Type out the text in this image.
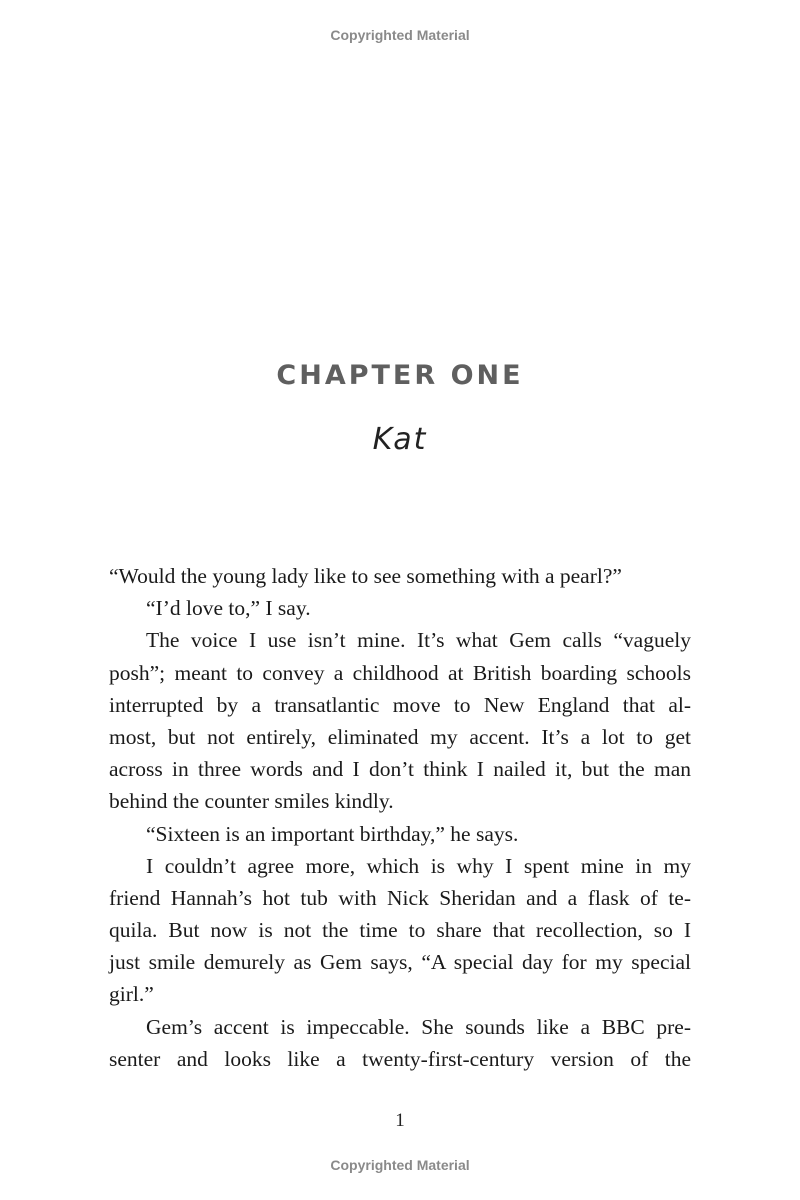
Copyrighted Material
CHAPTER ONE
Kat
“Would the young lady like to see something with a pearl?”
“I’d love to,” I say.
The voice I use isn’t mine. It’s what Gem calls “vaguely
posh”; meant to convey a childhood at British boarding schools
interrupted by a transatlantic move to New England that al-
most, but not entirely, eliminated my accent. It’s a lot to get
across in three words and I don’t think I nailed it, but the man
behind the counter smiles kindly.
“Sixteen is an important birthday,” he says.
I couldn’t agree more, which is why I spent mine in my
friend Hannah’s hot tub with Nick Sheridan and a flask of te-
quila. But now is not the time to share that recollection, so I
just smile demurely as Gem says, “A special day for my special
girl.”
Gem’s accent is impeccable. She sounds like a BBC pre-
senter and looks like a twenty-first-century version of the
1
Copyrighted Material
